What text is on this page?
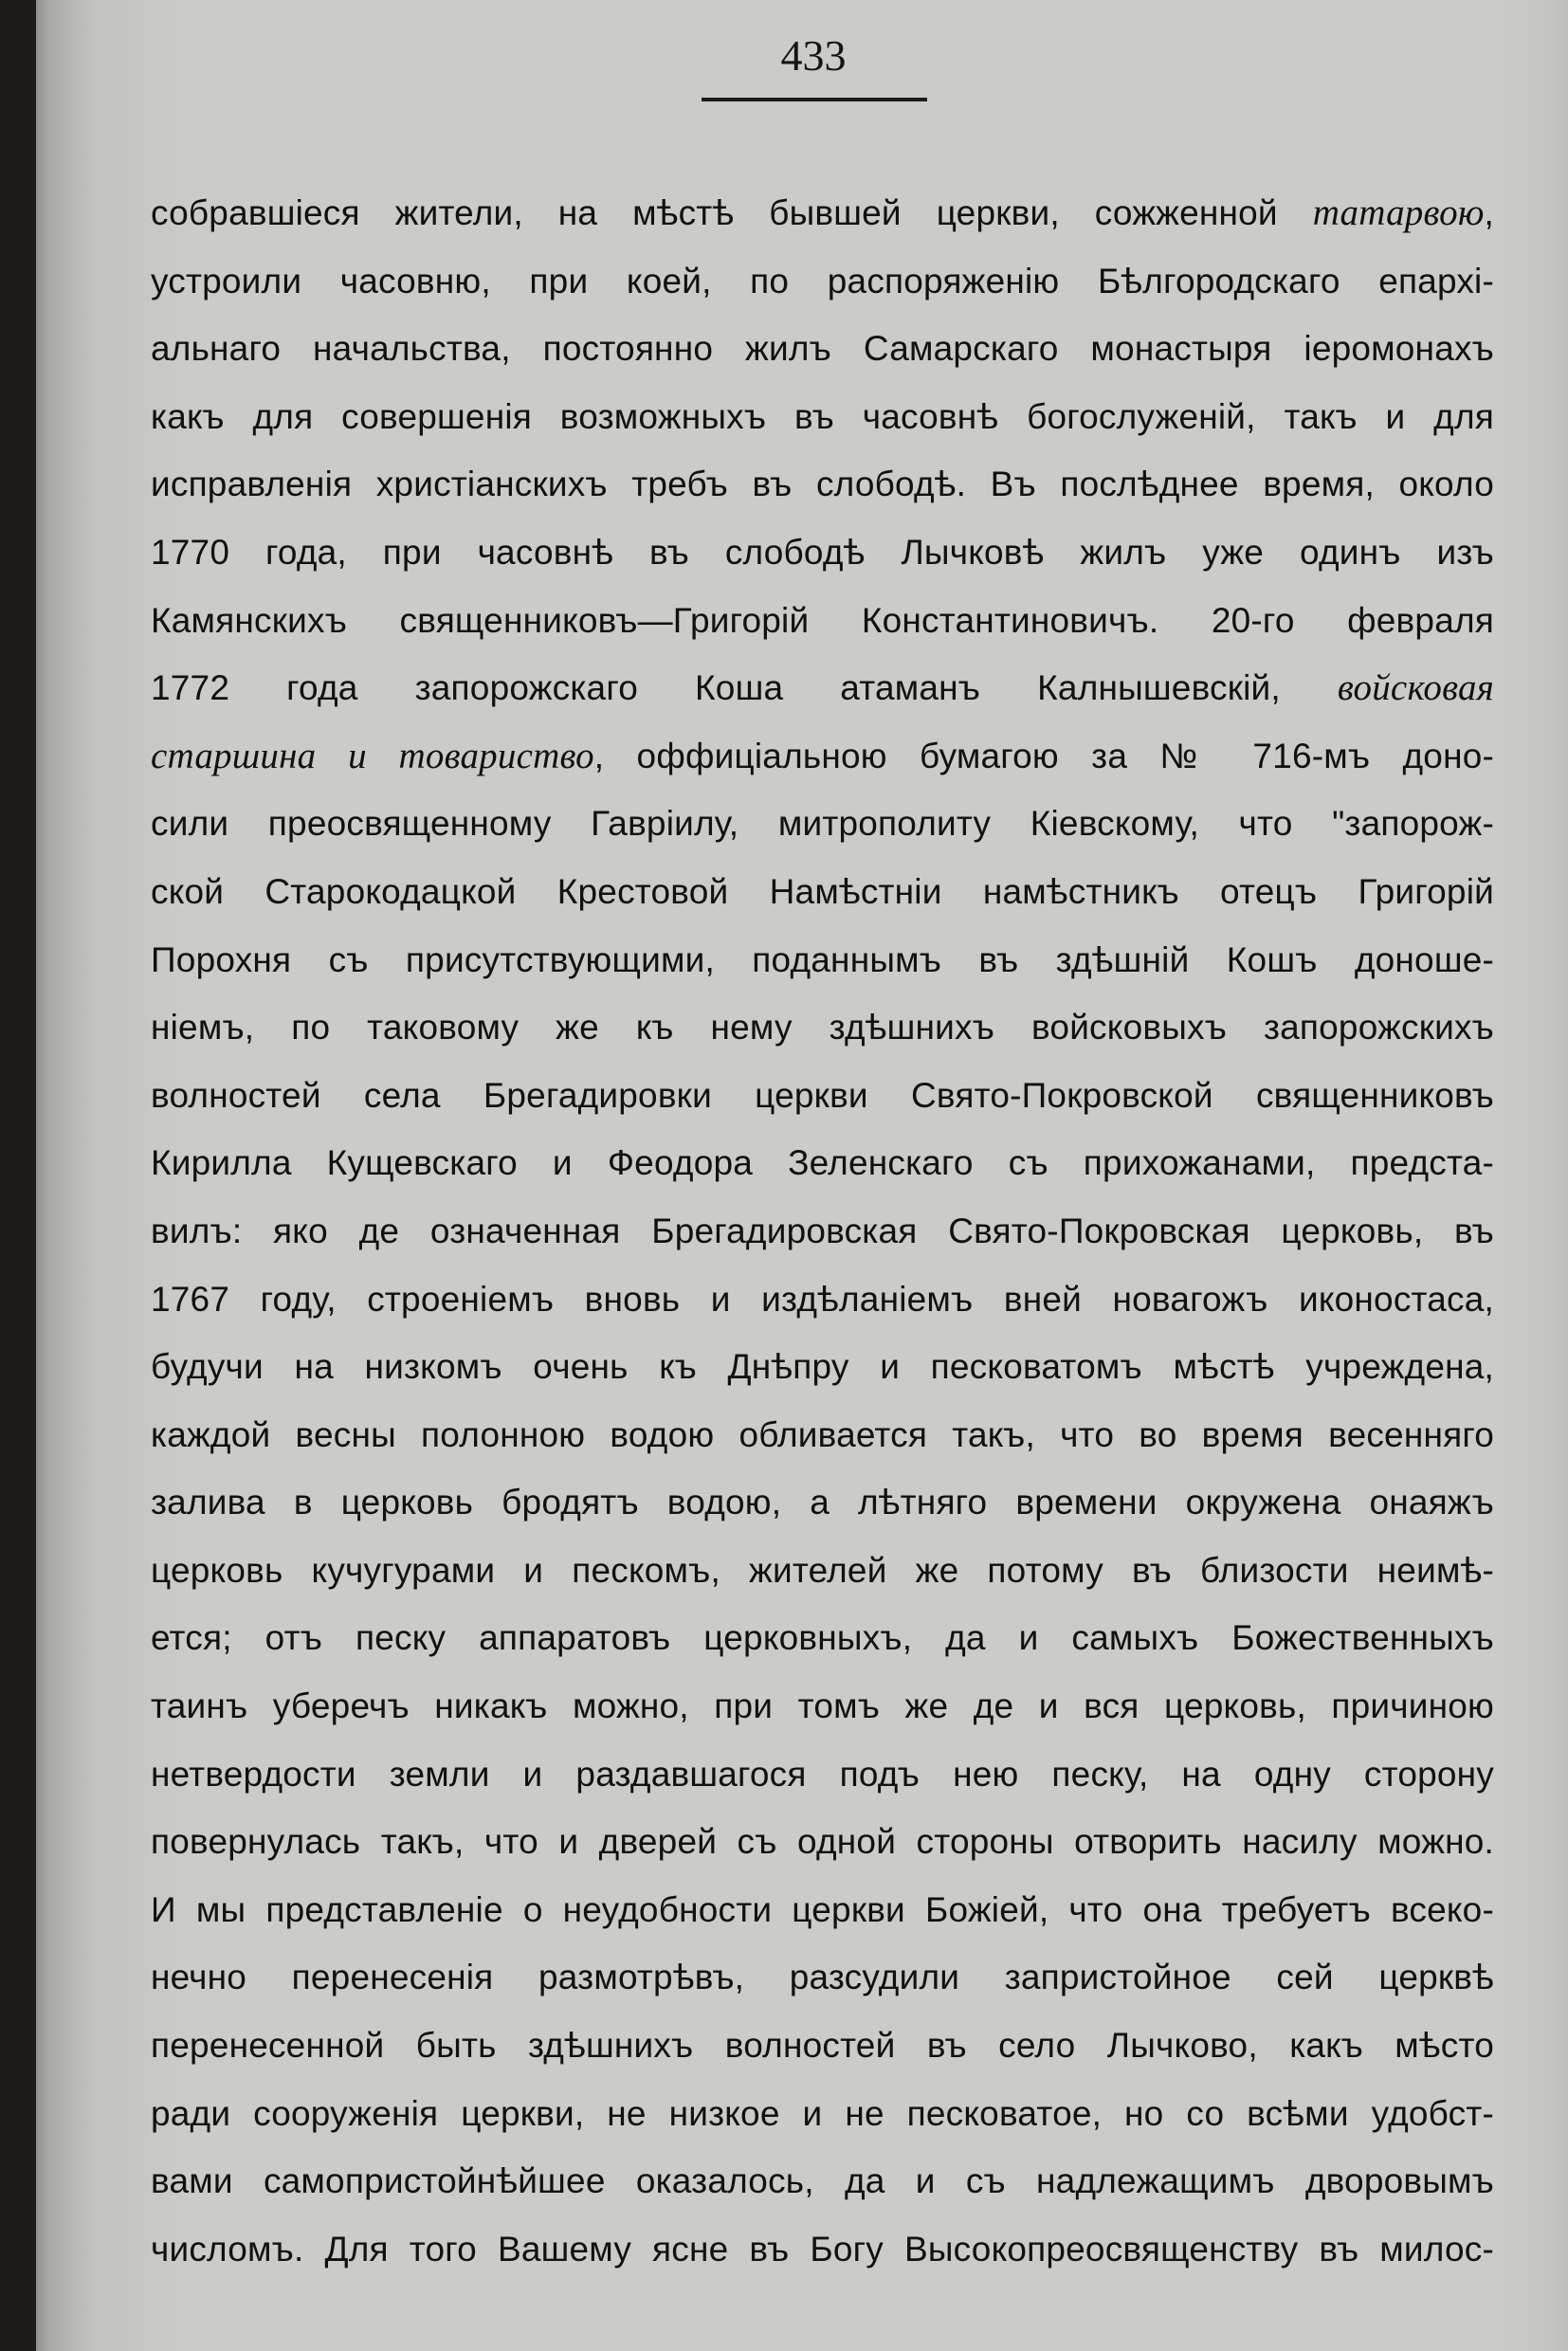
433
собравшіеся жители, на мѣстѣ бывшей церкви, сожженной татарвою,
устроили часовню, при коей, по распоряженію Бѣлгородскаго епархі-
альнаго начальства, постоянно жилъ Самарскаго монастыря іеромонахъ
какъ для совершенія возможныхъ въ часовнѣ богослуженій, такъ и для
исправленія христіанскихъ требъ въ слободѣ. Въ послѣднее время, около
1770 года, при часовнѣ въ слободѣ Лычковѣ жилъ уже одинъ изъ
Камянскихъ священниковъ—Григорій Константиновичъ. 20-го февраля
1772 года запорожскаго Коша атаманъ Калнышевскій, войсковая
старшина и товариство, оффиціальною бумагою за № 716-мъ доно-
сили преосвященному Гавріилу, митрополиту Кіевскому, что "запорож-
ской Старокодацкой Крестовой Намѣстніи намѣстникъ отецъ Григорій
Порохня съ присутствующими, поданнымъ въ здѣшній Кошъ доноше-
ніемъ, по таковому же къ нему здѣшнихъ войсковыхъ запорожскихъ
волностей села Брегадировки церкви Свято-Покровской священниковъ
Кирилла Кущевскаго и Феодора Зеленскаго съ прихожанами, предста-
вилъ: яко де означенная Брегадировская Свято-Покровская церковь, въ
1767 году, строеніемъ вновь и издѣланіемъ вней новагожъ иконостаса,
будучи на низкомъ очень къ Днѣпру и песковатомъ мѣстѣ учреждена,
каждой весны полонною водою обливается такъ, что во время весенняго
залива в церковь бродятъ водою, а лѣтняго времени окружена онаяжъ
церковь кучугурами и пескомъ, жителей же потому въ близости неимѣ-
ется; отъ песку аппаратовъ церковныхъ, да и самыхъ Божественныхъ
таинъ уберечъ никакъ можно, при томъ же де и вся церковь, причиною
нетвердости земли и раздавшагося подъ нею песку, на одну сторону
повернулась такъ, что и дверей съ одной стороны отворить насилу можно.
И мы представленіе о неудобности церкви Божіей, что она требуетъ всеко-
нечно перенесенія размотрѣвъ, разсудили запристойное сей церквѣ
перенесенной быть здѣшнихъ волностей въ село Лычково, какъ мѣсто
ради сооруженія церкви, не низкое и не песковатое, но со всѣми удобст-
вами самопристойнѣйшее оказалось, да и съ надлежащимъ дворовымъ
числомъ. Для того Вашему ясне въ Богу Высокопреосвященству въ милос-
